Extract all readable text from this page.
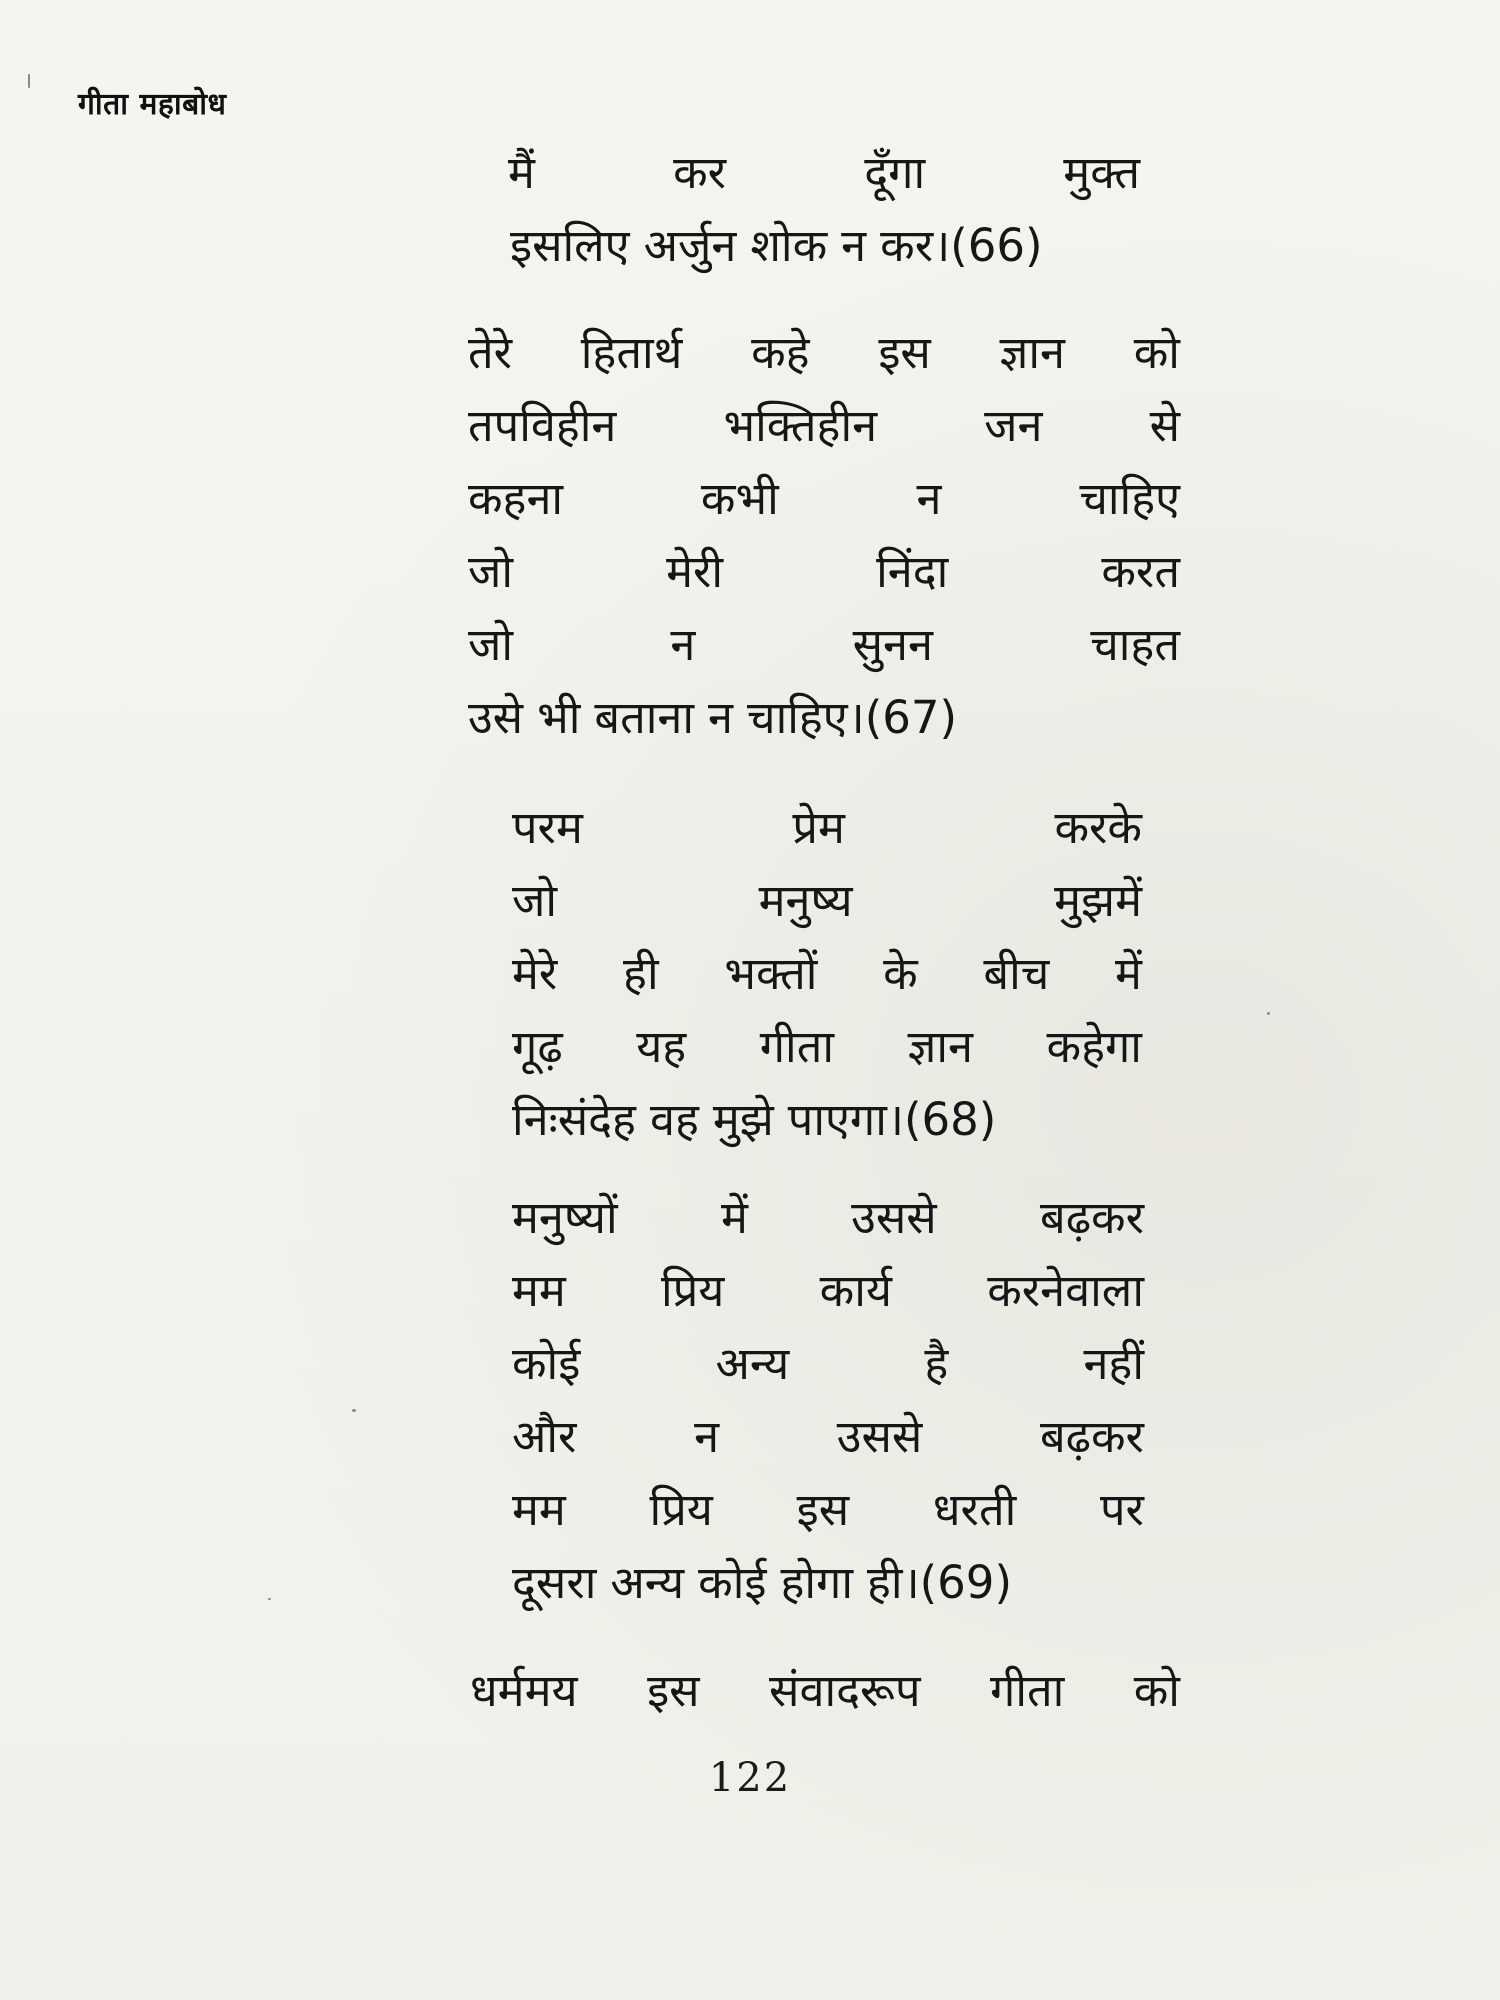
गीता महाबोध
मैं	कर	दूँगा	मुक्त
इसलिए अर्जुन शोक न कर।(66)
तेरे हितार्थ कहे इस ज्ञान को
तपविहीन भक्तिहीन जन से
कहना	कभी	न	चाहिए
जो	मेरी	निंदा	करत
जो	न	सुनन	चाहत
उसे भी बताना न चाहिए।(67)
परम	प्रेम	करके
जो	मनुष्य	मुझमें
मेरे ही भक्तों के बीच में
गूढ़ यह गीता ज्ञान कहेगा
निःसंदेह वह मुझे पाएगा।(68)
मनुष्यों में उससे बढ़कर
मम प्रिय कार्य करनेवाला
कोई	अन्य	है	नहीं
और	न	उससे	बढ़कर
मम प्रिय इस धरती पर
दूसरा अन्य कोई होगा ही।(69)
धर्ममय इस संवादरूप गीता को
122
